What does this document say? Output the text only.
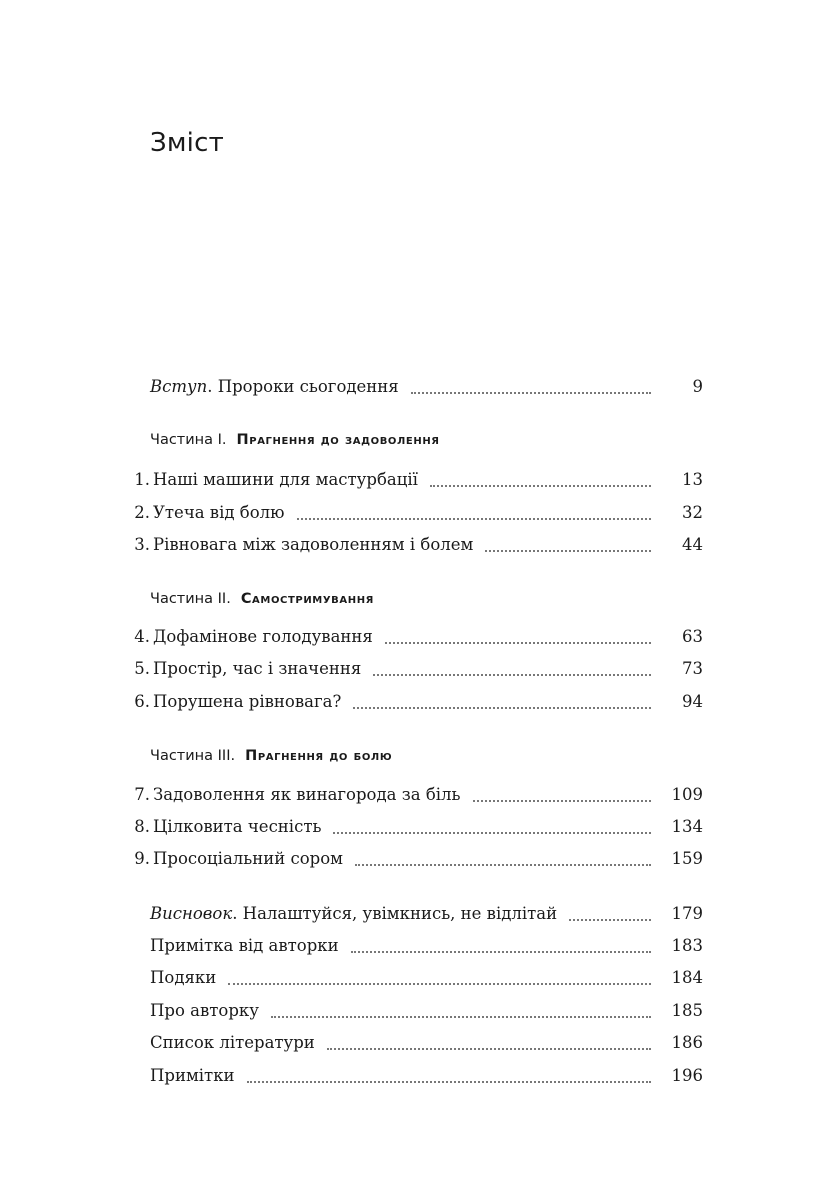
Зміст
Вступ. Пророки сьогодення	9
Частина I. Прагнення до задоволення
1. Наші машини для мастурбації	13
2. Утеча від болю	32
3. Рівновага між задоволенням і болем	44
Частина II. Самостримування
4. Дофамінове голодування	63
5. Простір, час і значення	73
6. Порушена рівновага?	94
Частина III. Прагнення до болю
7. Задоволення як винагорода за біль	109
8. Цілковита чесність	134
9. Просоціальний сором	159
Висновок. Налаштуйся, увімкнись, не відлітай	179
Примітка від авторки	183
Подяки	184
Про авторку	185
Список літератури	186
Примітки	196
